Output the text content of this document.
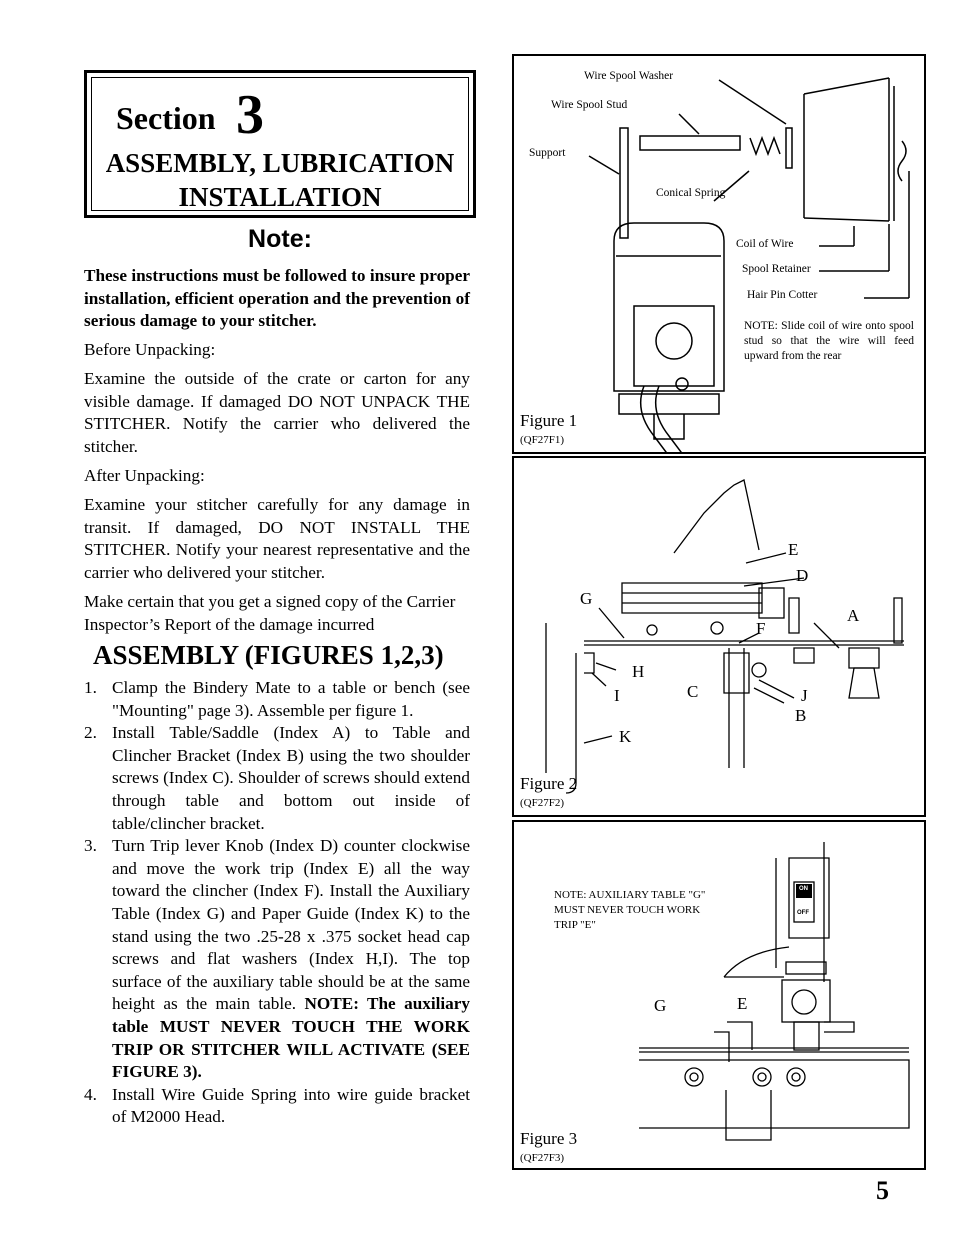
Section 3
ASSEMBLY, LUBRICATION
INSTALLATION
Note:
These instructions must be followed to insure proper installation, efficient operation and the prevention of serious damage to your stitcher.
Before Unpacking:
Examine the outside of the crate or carton for any visible damage. If damaged DO NOT UNPACK THE STITCHER. Notify the carrier who delivered the stitcher.
After Unpacking:
Examine your stitcher carefully for any damage in transit. If damaged, DO NOT INSTALL THE STITCHER. Notify your nearest representative and the carrier who delivered your stitcher.
Make certain that you get a signed copy of the Carrier Inspector’s Report of the damage incurred
ASSEMBLY (FIGURES 1,2,3)
1. Clamp the Bindery Mate to a table or bench (see "Mounting" page 3). Assemble per figure 1.
2. Install Table/Saddle (Index A) to Table and Clincher Bracket (Index B) using the two shoulder screws (Index C). Shoulder of screws should extend through table and bottom out inside of table/clincher bracket.
3. Turn Trip lever Knob (Index D) counter clockwise and move the work trip (Index E) all the way toward the clincher (Index F). Install the Auxiliary Table (Index G) and Paper Guide (Index K) to the stand using the two .25-28 x .375 socket head cap screws and flat washers (Index H,I). The top surface of the auxiliary table should be at the same height as the main table. NOTE: The auxiliary table MUST NEVER TOUCH THE WORK TRIP OR STITCHER WILL ACTIVATE (SEE FIGURE 3).
4. Install Wire Guide Spring into wire guide bracket of M2000 Head.
Wire Spool Washer
Wire Spool Stud
Support
Conical Spring
Coil of Wire
Spool Retainer
Hair Pin Cotter
NOTE: Slide coil of wire onto spool stud so that the wire will feed upward from the rear
Figure 1
(QF27F1)
E
D
G
A
F
H
I	C	J
B
K
Figure 2
(QF27F2)
ON
OFF
NOTE: AUXILIARY TABLE "G" MUST NEVER TOUCH WORK TRIP "E"
G	E
Figure 3
(QF27F3)
5
